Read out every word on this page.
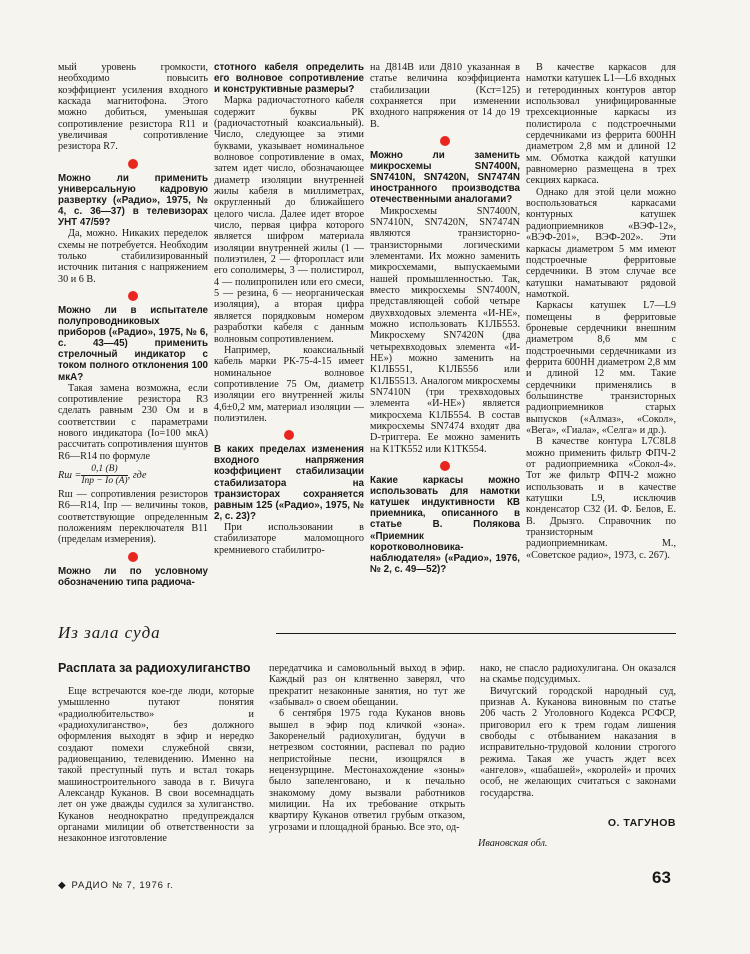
мый уровень громкости, необходимо повысить коэффициент усиления входного каскада магнитофона. Этого можно добиться, уменьшая сопротивление резистора R11 и увеличивая сопротивление резистора R7.

Можно ли применить универсальную кадровую развертку («Радио», 1975, № 4, с. 36—37) в телевизорах УНТ 47/59?

Да, можно. Никаких переделок схемы не потребуется. Необходим только стабилизированный источник питания с напряжением 30 и 6 В.

Можно ли в испытателе полупроводниковых приборов («Радио», 1975, № 6, с. 43—45) применить стрелочный индикатор с током полного отклонения 100 мкА?

Такая замена возможна, если сопротивление резистора R3 сделать равным 230 Ом и в соответствии с параметрами нового индикатора (Iо=100 мкА) рассчитать сопротивления шунтов R6—R14 по формуле

Rш = $\frac{0,1 (В)}{\text{Iпр − Iо (А)}}$ , где

Rш — сопротивления резисторов R6—R14, Iпр — величины токов, соответствующие определенным положениям переключателя В11 (пределам измерения).

Можно ли по условному обозначению типа радиоча-

стотного кабеля определить его волновое сопротивление и конструктивные размеры?

Марка радиочастотного кабеля содержит буквы РК (радиочастотный коаксиальный). Число, следующее за этими буквами, указывает номинальное волновое сопротивление в омах, затем идет число, обозначающее диаметр изоляции внутренней жилы кабеля в миллиметрах, округленный до ближайшего целого числа. Далее идет второе число, первая цифра которого является шифром материала изоляции внутренней жилы (1 — полиэтилен, 2 — фторопласт или его сополимеры, 3 — полистирол, 4 — полипропилен или его смеси, 5 — резина, 6 — неорганическая изоляция), а вторая цифра является порядковым номером разработки кабеля с данным волновым сопротивлением.

Например, коаксиальный кабель марки РК-75-4-15 имеет номинальное волновое сопротивление 75 Ом, диаметр изоляции его внутренней жилы 4,6±0,2 мм, материал изоляции — полиэтилен.

В каких пределах изменения входного напряжения коэффициент стабилизации стабилизатора на транзисторах сохраняется равным 125 («Радио», 1975, № 2, с. 23)?

При использовании в стабилизаторе маломощного кремниевого стабилитро-

на Д814В или Д810 указанная в статье величина коэффициента стабилизации (Kст=125) сохраняется при изменении входного напряжения от 14 до 19 В.

Можно ли заменить микросхемы SN7400N, SN7410N, SN7420N, SN7474N иностранного производства отечественными аналогами?

Микросхемы SN7400N, SN7410N, SN7420N, SN7474N являются транзисторно-транзисторными логическими элементами. Их можно заменить микросхемами, выпускаемыми нашей промышленностью. Так, вместо микросхемы SN7400N, представляющей собой четыре двухвходовых элемента «И-НЕ», можно использовать К1ЛБ553. Микросхему SN7420N (два четырехвходовых элемента «И-НЕ») можно заменить на К1ЛБ551, К1ЛБ556 или К1ЛБ5513. Аналогом микросхемы SN7410N (три трехвходовых элемента «И-НЕ») является микросхема К1ЛБ554. В состав микросхемы SN7474 входят два D-триггера. Ее можно заменить на К1ТК552 или К1ТК554.

Какие каркасы можно использовать для намотки катушек индуктивности КВ приемника, описанного в статье В. Полякова «Приемник коротковолновика-наблюдателя» («Радио», 1976, № 2, с. 49—52)?

В качестве каркасов для намотки катушек L1—L6 входных и гетеродинных контуров автор использовал унифицированные трехсекционные каркасы из полистирола с подстроечными сердечниками из феррита 600НН диаметром 2,8 мм и длиной 12 мм. Обмотка каждой катушки равномерно размещена в трех секциях каркаса.

Однако для этой цели можно воспользоваться каркасами контурных катушек радиоприемников «ВЭФ-12», «ВЭФ-201», ВЭФ-202». Эти каркасы диаметром 5 мм имеют подстроечные ферритовые сердечники. В этом случае все катушки наматывают рядовой намоткой.

Каркасы катушек L7—L9 помещены в ферритовые броневые сердечники внешним диаметром 8,6 мм с подстроечными сердечниками из феррита 600НН диаметром 2,8 мм и длиной 12 мм. Такие сердечники применялись в большинстве транзисторных радиоприемников старых выпусков («Алмаз», «Сокол», «Вега», «Гиала», «Селга» и др.).

В качестве контура L7C8L8 можно применить фильтр ФПЧ-2 от радиоприемника «Сокол-4». Тот же фильтр ФПЧ-2 можно использовать и в качестве катушки L9, исключив конденсатор С32 (И. Ф. Белов, Е. В. Дрызго. Справочник по транзисторным радиоприемникам. М., «Советское радио», 1973, с. 267).

Из зала суда
Расплата за радиохулиганство

Еще встречаются кое-где люди, которые умышленно путают понятия «радиолюбительство» и «радиохулиганство», без должного оформления выходят в эфир и нередко создают помехи служебной связи, радиовещанию, телевидению. Именно на такой преступный путь и встал токарь машиностроительного завода в г. Вичуга Александр Куканов. В свои восемнадцать лет он уже дважды судился за хулиганство. Куканов неоднократно предупреждался органами милиции об ответственности за незаконное изготовление

передатчика и самовольный выход в эфир. Каждый раз он клятвенно заверял, что прекратит незаконные занятия, но тут же «забывал» о своем обещании.

6 сентября 1975 года Куканов вновь вышел в эфир под кличкой «зона». Закоренелый радиохулиган, будучи в нетрезвом состоянии, распевал по радио непристойные песни, изощрялся в нецензурщине. Местонахождение «зоны» было запеленговано, и к печально знакомому дому вызвали работников милиции. На их требование открыть квартиру Куканов ответил грубым отказом, угрозами и площадной бранью. Все это, од-

нако, не спасло радиохулигана. Он оказался на скамье подсудимых.

Вичугский городской народный суд, признав А. Куканова виновным по статье 206 часть 2 Уголовного Кодекса РСФСР, приговорил его к трем годам лишения свободы с отбыванием наказания в исправительно-трудовой колонии строгого режима. Такая же участь ждет всех «ангелов», «шабашей», «королей» и прочих особ, не желающих считаться с законами государства.

О. ТАГУНОВ
Ивановская обл.
◆ РАДИО № 7, 1976 г.	63
